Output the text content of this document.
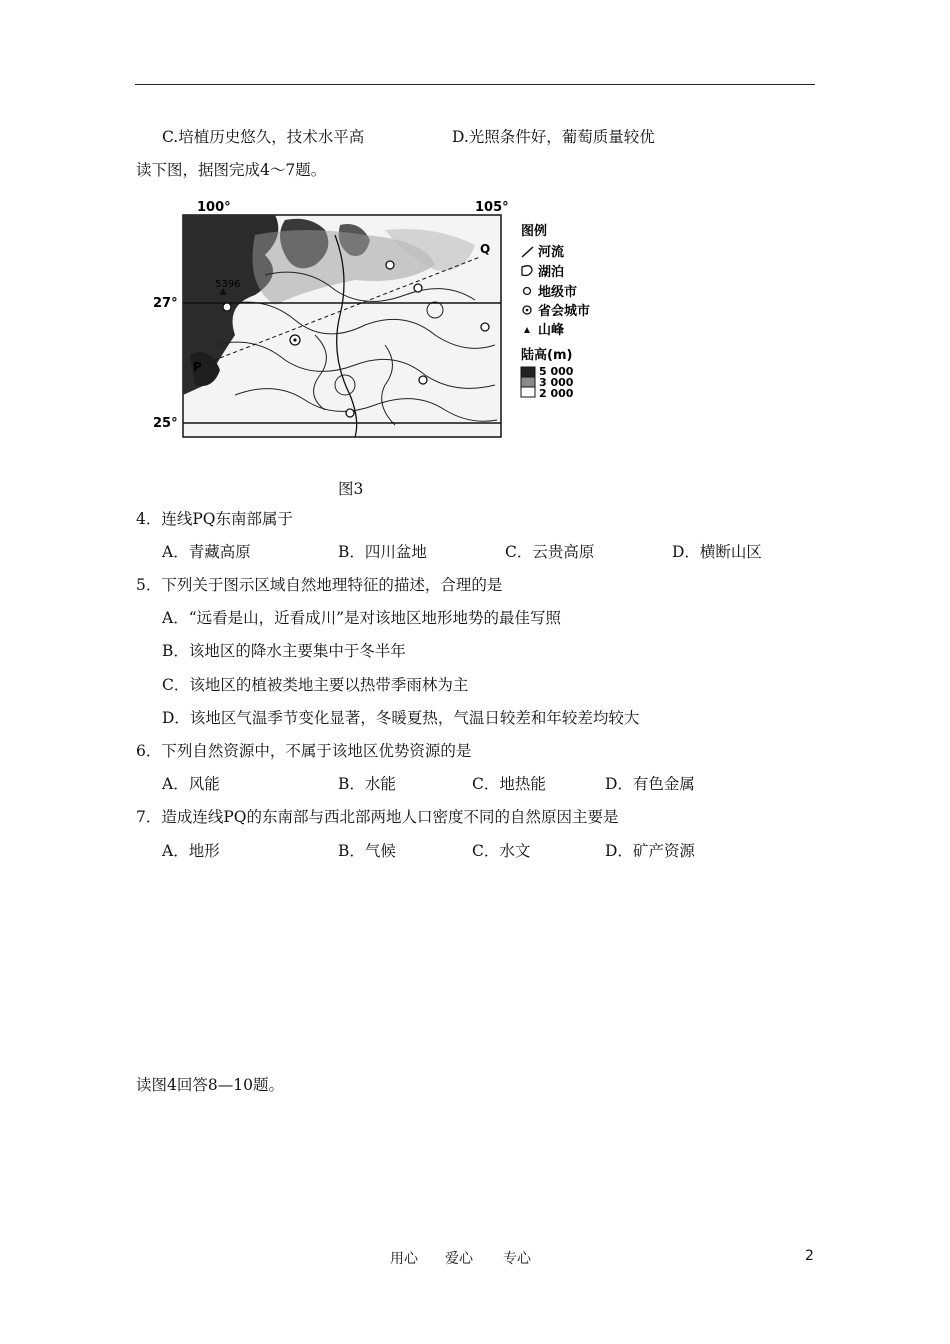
C.培植历史悠久，技术水平高	D.光照条件好，葡萄质量较优
读下图，据图完成4～7题。
5396
P
Q
100°	105°
27°
25°
图例
河流
湖泊
地级市
省会城市
山峰
陆高(m)
5 000
3 000
2 000
图3
4．连线PQ东南部属于
A．青藏高原	B．四川盆地	C．云贵高原	D．横断山区
5．下列关于图示区域自然地理特征的描述，合理的是
A．“远看是山，近看成川”是对该地区地形地势的最佳写照
B．该地区的降水主要集中于冬半年
C．该地区的植被类地主要以热带季雨林为主
D．该地区气温季节变化显著，冬暖夏热，气温日较差和年较差均较大
6．下列自然资源中，不属于该地区优势资源的是
A．风能	B．水能	C．地热能	D．有色金属
7．造成连线PQ的东南部与西北部两地人口密度不同的自然原因主要是
A．地形	B．气候	C．水文	D．矿产资源
读图4回答8—10题。
用心 爱心 专心	2
